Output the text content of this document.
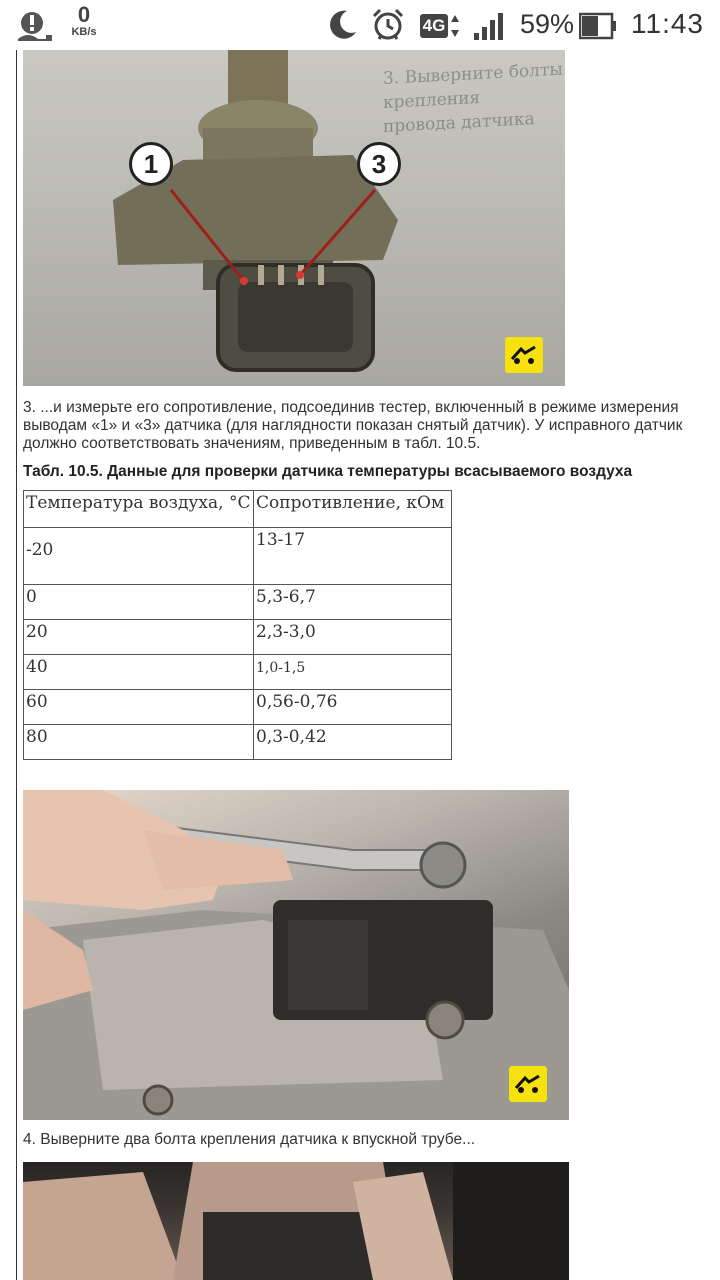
0
KB/s	4G	59% 11:43
3. Выверните болты крепления
провода датчика
1	3
3. ...и измерьте его сопротивление, подсоединив тестер, включенный в режиме измерения
выводам «1» и «3» датчика (для наглядности показан снятый датчик). У исправного датчик
должно соответствовать значениям, приведенным в табл. 10.5.
Табл. 10.5. Данные для проверки датчика температуры всасываемого воздуха
Температура воздуха, °С	Сопротивление, кОм
-20	13-17
0	5,3-6,7
20	2,3-3,0
40	1,0-1,5
60	0,56-0,76
80	0,3-0,42
4. Выверните два болта крепления датчика к впускной трубе...
